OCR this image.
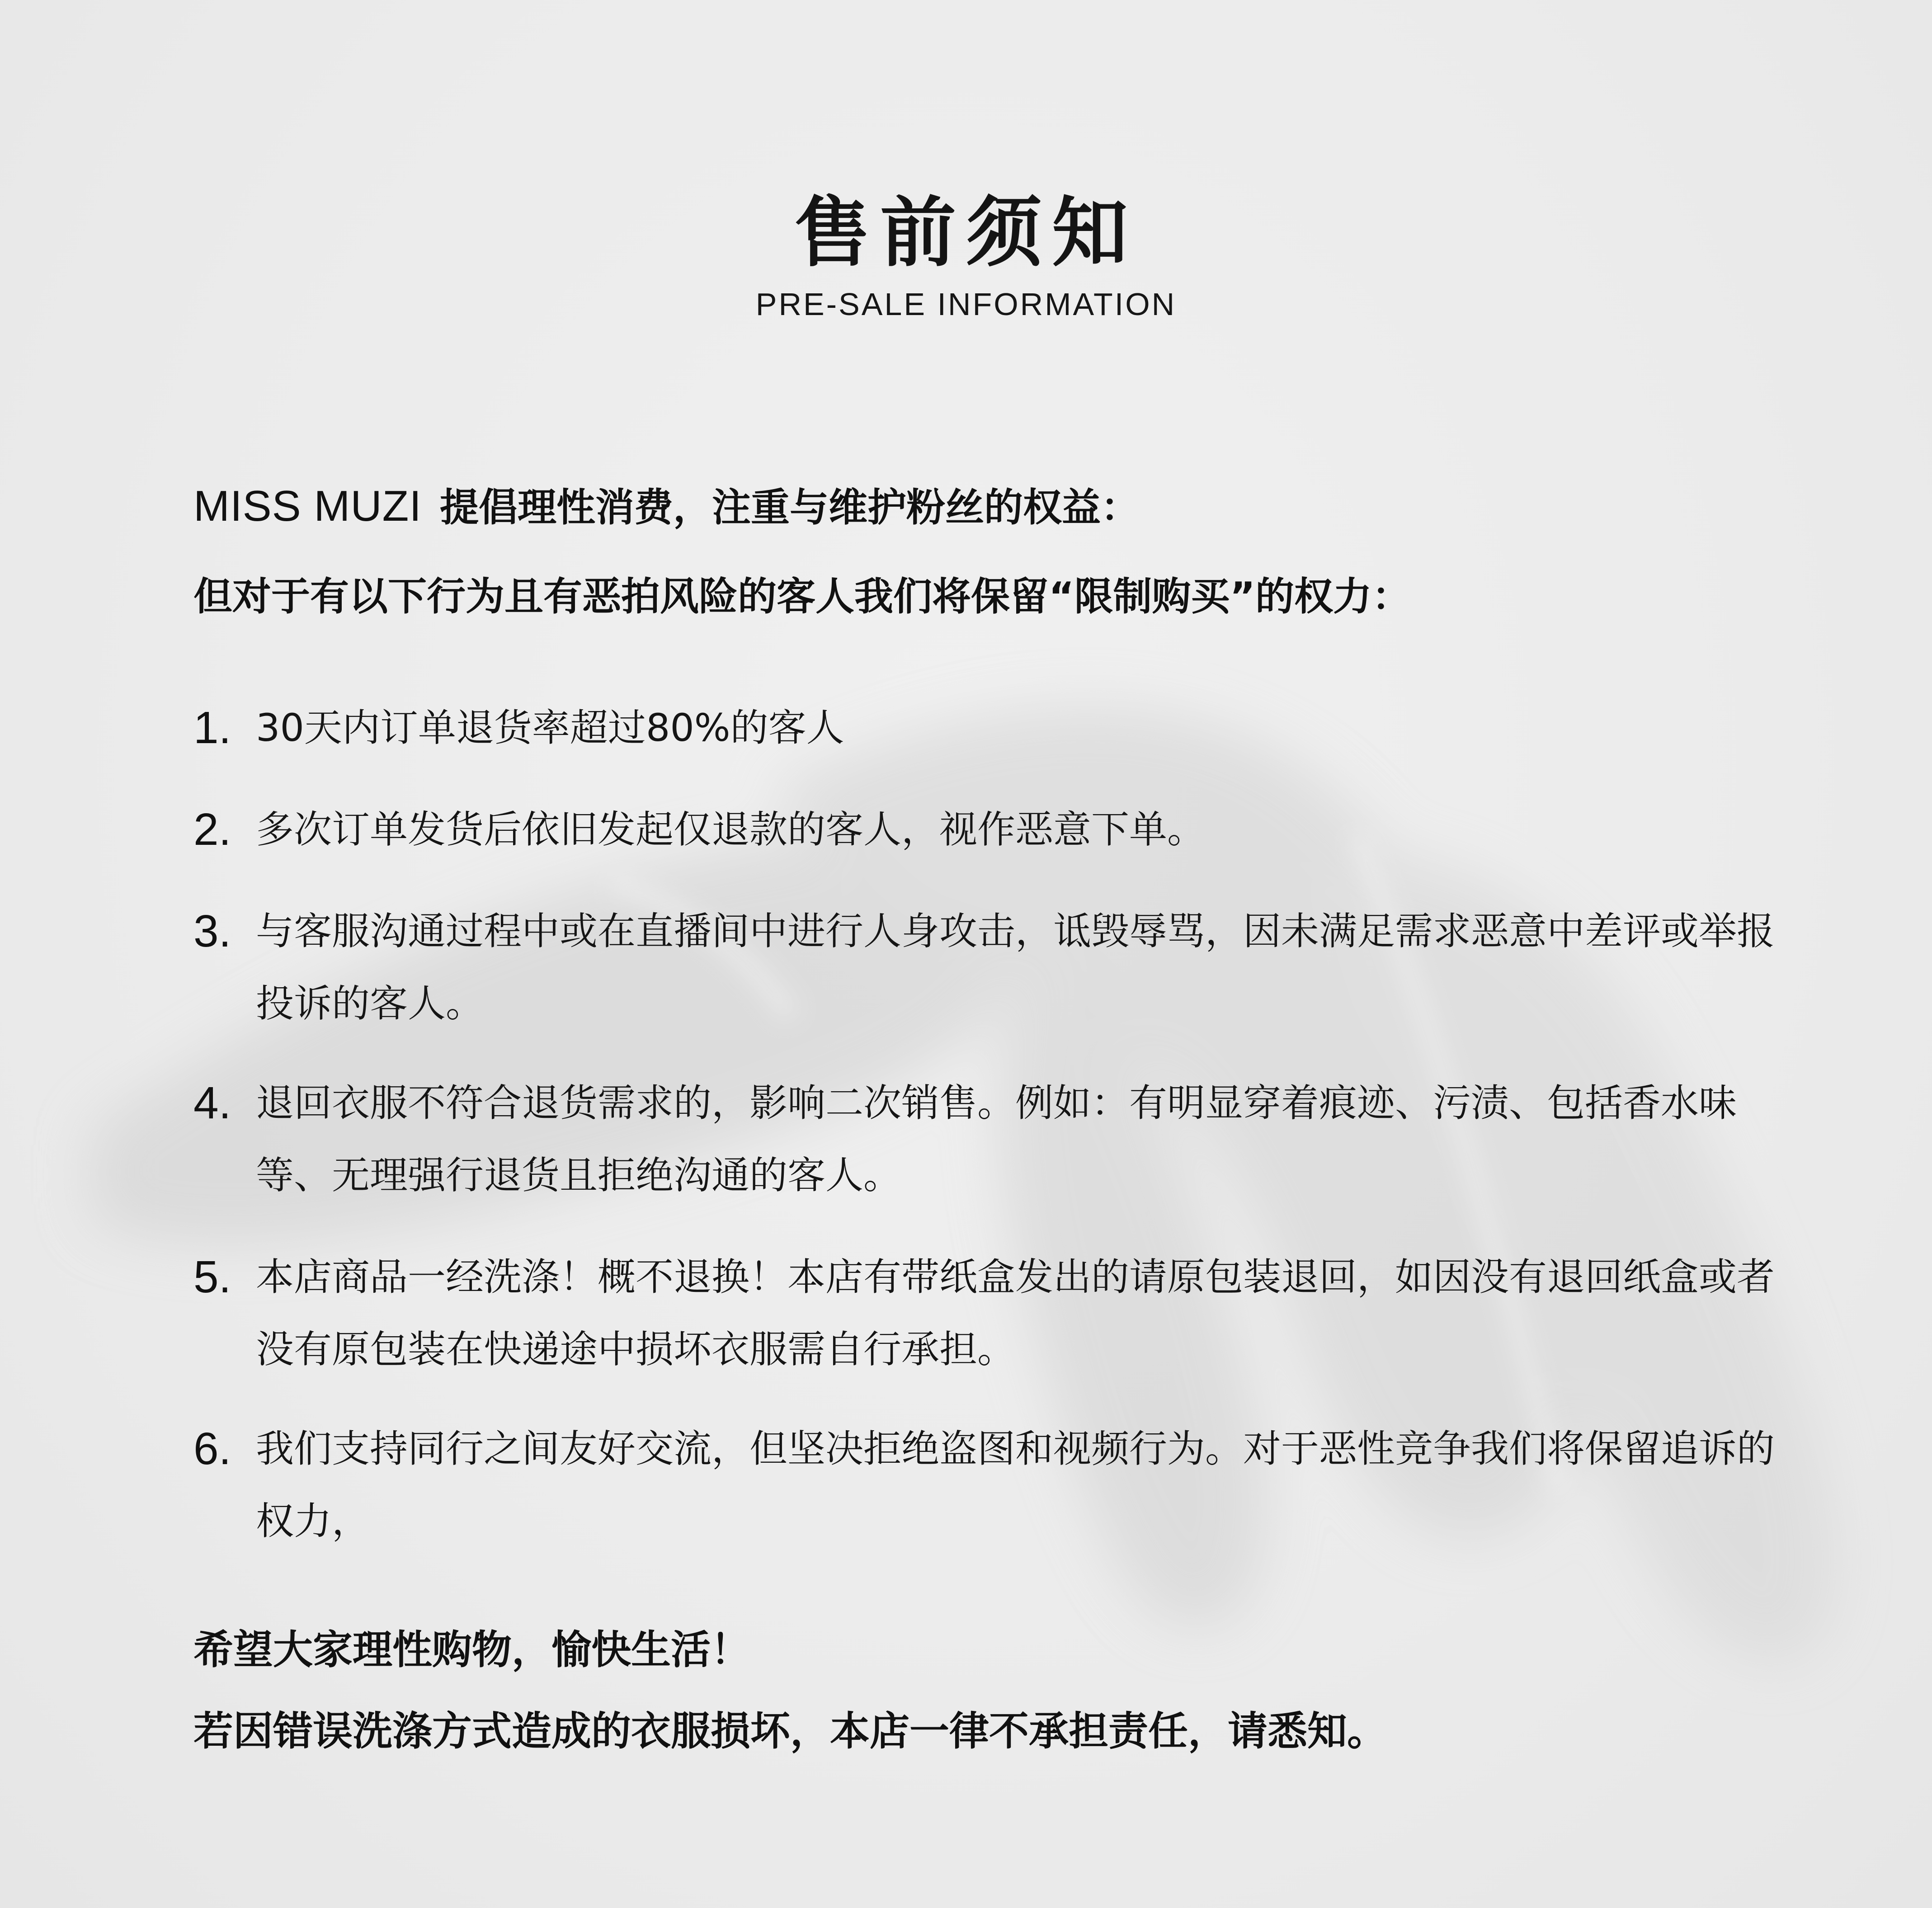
售前须知
PRE-SALE INFORMATION
MISS MUZI 提倡理性消费，注重与维护粉丝的权益：
但对于有以下行为且有恶拍风险的客人我们将保留“限制购买”的权力：
1. 30天内订单退货率超过80%的客人
2. 多次订单发货后依旧发起仅退款的客人，视作恶意下单。
3. 与客服沟通过程中或在直播间中进行人身攻击，诋毁辱骂，因未满足需求恶意中差评或举报投诉的客人。
4. 退回衣服不符合退货需求的，影响二次销售。例如：有明显穿着痕迹、污渍、包括香水味等、无理强行退货且拒绝沟通的客人。
5. 本店商品一经洗涤！概不退换！本店有带纸盒发出的请原包装退回，如因没有退回纸盒或者没有原包装在快递途中损坏衣服需自行承担。
6. 我们支持同行之间友好交流，但坚决拒绝盗图和视频行为。对于恶性竞争我们将保留追诉的权力，
希望大家理性购物，愉快生活！
若因错误洗涤方式造成的衣服损坏，本店一律不承担责任，请悉知。
